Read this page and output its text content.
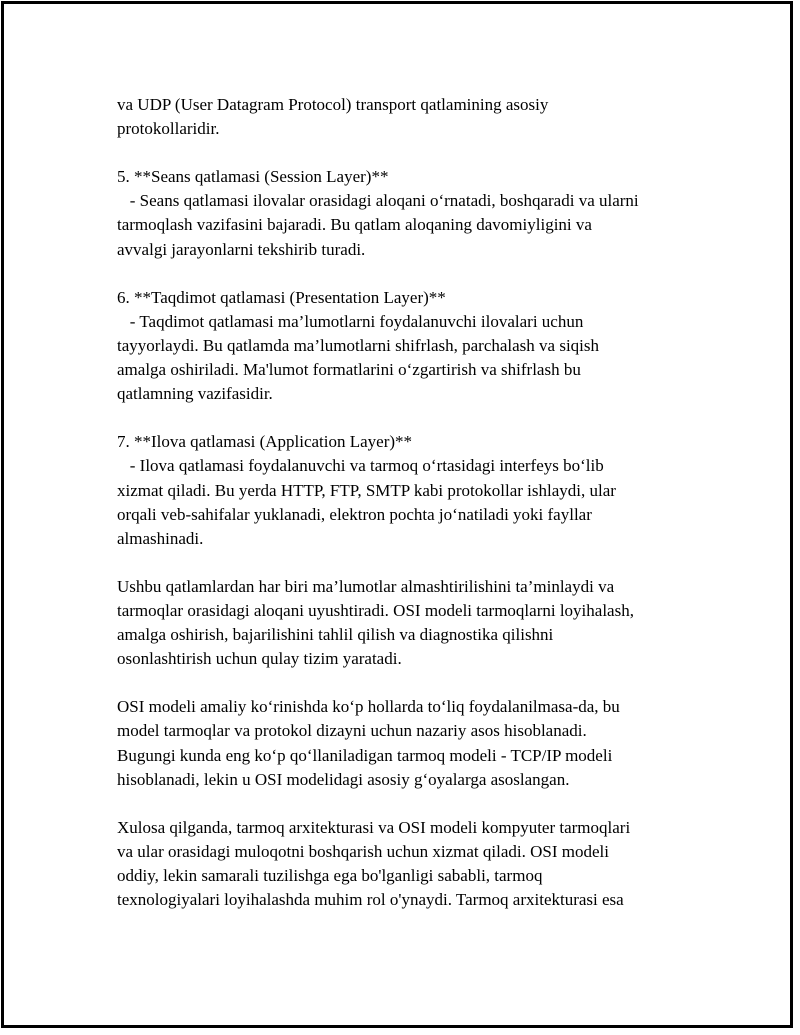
va UDP (User Datagram Protocol) transport qatlamining asosiy
protokollaridir.
5. **Seans qatlamasi (Session Layer)**
- Seans qatlamasi ilovalar orasidagi aloqani o‘rnatadi, boshqaradi va ularni
tarmoqlash vazifasini bajaradi. Bu qatlam aloqaning davomiyligini va
avvalgi jarayonlarni tekshirib turadi.
6. **Taqdimot qatlamasi (Presentation Layer)**
- Taqdimot qatlamasi ma’lumotlarni foydalanuvchi ilovalari uchun
tayyorlaydi. Bu qatlamda ma’lumotlarni shifrlash, parchalash va siqish
amalga oshiriladi. Ma'lumot formatlarini o‘zgartirish va shifrlash bu
qatlamning vazifasidir.
7. **Ilova qatlamasi (Application Layer)**
- Ilova qatlamasi foydalanuvchi va tarmoq o‘rtasidagi interfeys bo‘lib
xizmat qiladi. Bu yerda HTTP, FTP, SMTP kabi protokollar ishlaydi, ular
orqali veb-sahifalar yuklanadi, elektron pochta jo‘natiladi yoki fayllar
almashinadi.
Ushbu qatlamlardan har biri ma’lumotlar almashtirilishini ta’minlaydi va
tarmoqlar orasidagi aloqani uyushtiradi. OSI modeli tarmoqlarni loyihalash,
amalga oshirish, bajarilishini tahlil qilish va diagnostika qilishni
osonlashtirish uchun qulay tizim yaratadi.
OSI modeli amaliy ko‘rinishda ko‘p hollarda to‘liq foydalanilmasa-da, bu
model tarmoqlar va protokol dizayni uchun nazariy asos hisoblanadi.
Bugungi kunda eng ko‘p qo‘llaniladigan tarmoq modeli - TCP/IP modeli
hisoblanadi, lekin u OSI modelidagi asosiy g‘oyalarga asoslangan.
Xulosa qilganda, tarmoq arxitekturasi va OSI modeli kompyuter tarmoqlari
va ular orasidagi muloqotni boshqarish uchun xizmat qiladi. OSI modeli
oddiy, lekin samarali tuzilishga ega bo'lganligi sababli, tarmoq
texnologiyalari loyihalashda muhim rol o'ynaydi. Tarmoq arxitekturasi esa
